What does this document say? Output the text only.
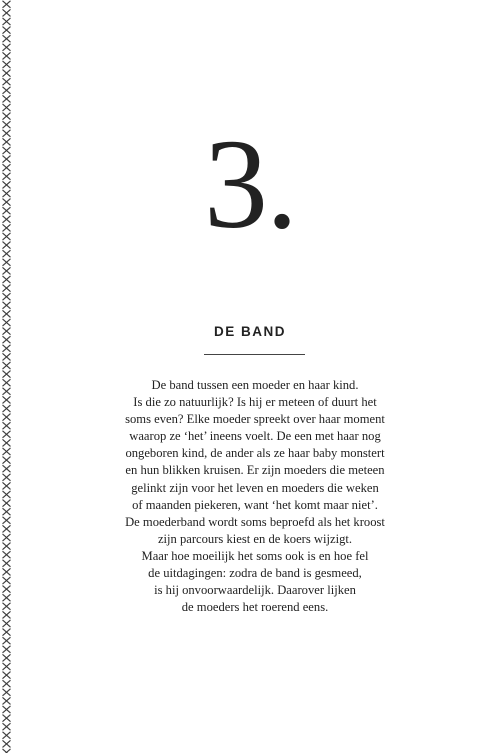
3.
DE BAND
De band tussen een moeder en haar kind.
Is die zo natuurlijk? Is hij er meteen of duurt het
soms even? Elke moeder spreekt over haar moment
waarop ze ‘het’ ineens voelt. De een met haar nog
ongeboren kind, de ander als ze haar baby monstert
en hun blikken kruisen. Er zijn moeders die meteen
gelinkt zijn voor het leven en moeders die weken
of maanden piekeren, want ‘het komt maar niet’.
De moederband wordt soms beproefd als het kroost
zijn parcours kiest en de koers wijzigt.
Maar hoe moeilijk het soms ook is en hoe fel
de uitdagingen: zodra de band is gesmeed,
is hij onvoorwaardelijk. Daarover lijken
de moeders het roerend eens.
